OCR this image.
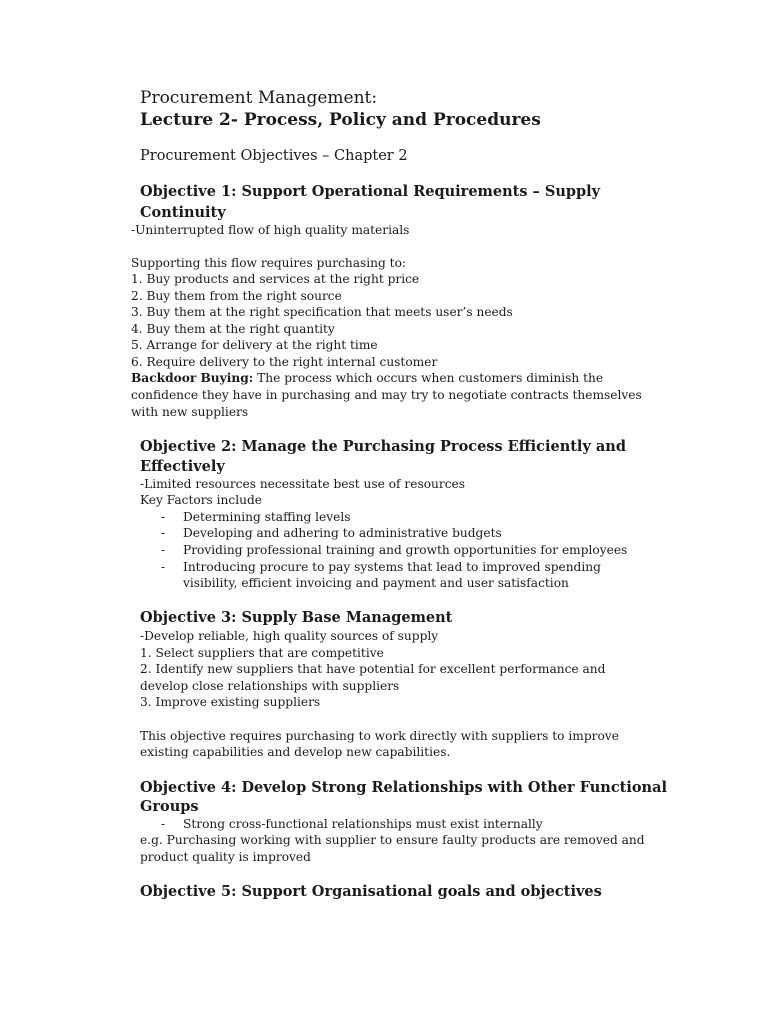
Procurement Management:
Lecture 2- Process, Policy and Procedures
Procurement Objectives – Chapter 2
Objective 1: Support Operational Requirements – Supply
Continuity
-Uninterrupted flow of high quality materials
Supporting this flow requires purchasing to:
1. Buy products and services at the right price
2. Buy them from the right source
3. Buy them at the right specification that meets user’s needs
4. Buy them at the right quantity
5. Arrange for delivery at the right time
6. Require delivery to the right internal customer
Backdoor Buying: The process which occurs when customers diminish the
confidence they have in purchasing and may try to negotiate contracts themselves
with new suppliers
Objective 2: Manage the Purchasing Process Efficiently and
Effectively
-Limited resources necessitate best use of resources
Key Factors include
- Determining staffing levels
- Developing and adhering to administrative budgets
- Providing professional training and growth opportunities for employees
- Introducing procure to pay systems that lead to improved spending
visibility, efficient invoicing and payment and user satisfaction
Objective 3: Supply Base Management
-Develop reliable, high quality sources of supply
1. Select suppliers that are competitive
2. Identify new suppliers that have potential for excellent performance and
develop close relationships with suppliers
3. Improve existing suppliers
This objective requires purchasing to work directly with suppliers to improve
existing capabilities and develop new capabilities.
Objective 4: Develop Strong Relationships with Other Functional
Groups
- Strong cross-functional relationships must exist internally
e.g. Purchasing working with supplier to ensure faulty products are removed and
product quality is improved
Objective 5: Support Organisational goals and objectives
